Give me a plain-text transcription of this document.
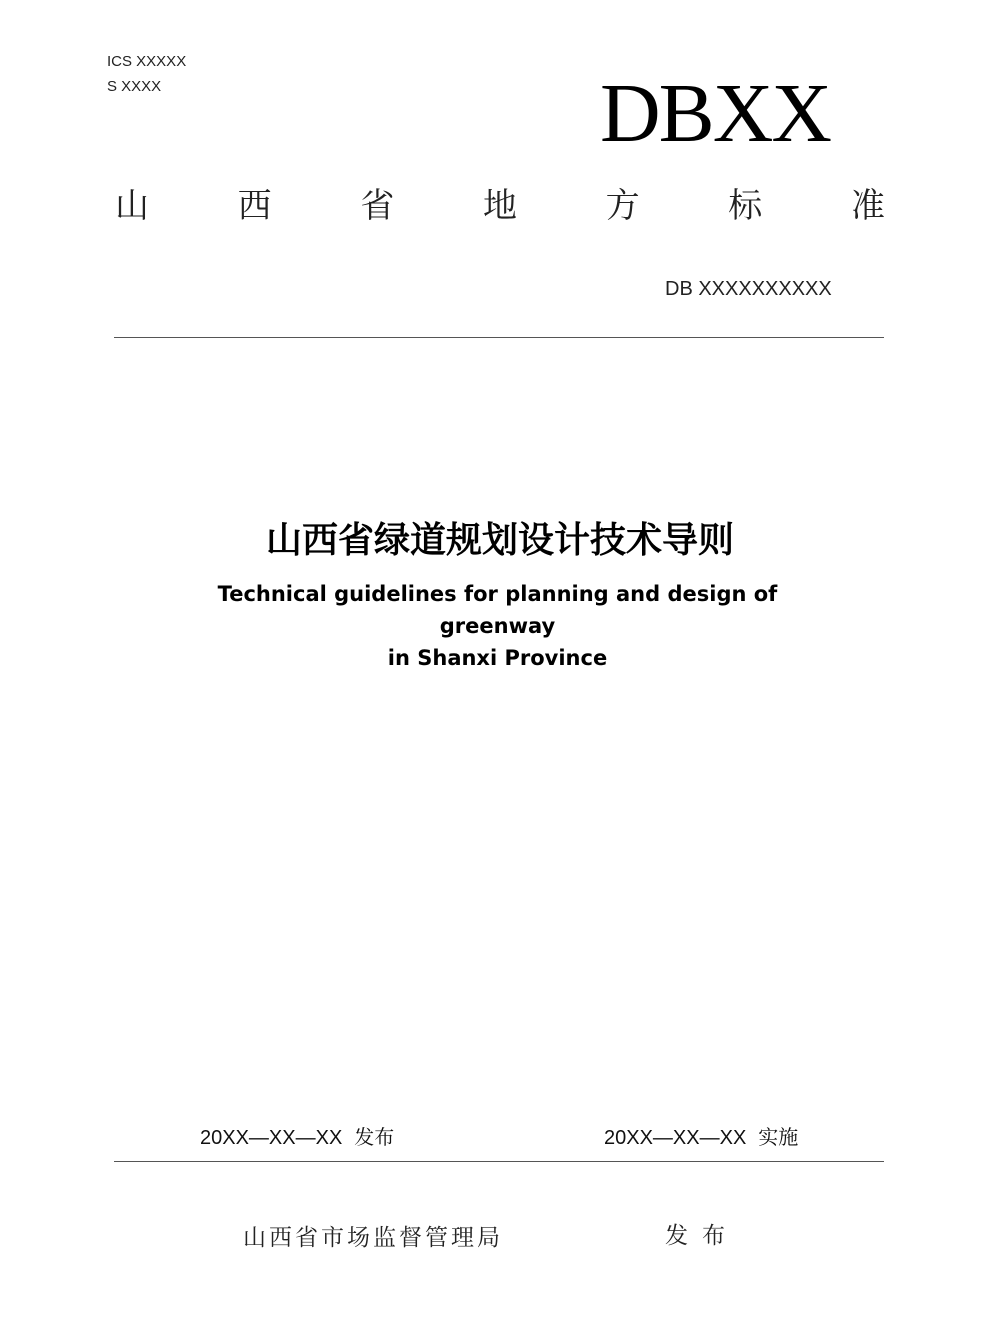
ICS XXXXX
S XXXX	DBXX
山	西	省	地	方	标	准
DB XXXXXXXXXX
山西省绿道规划设计技术导则
Technical guidelines for planning and design of greenway
in Shanxi Province
20XX—XX—XX 发布	20XX—XX—XX 实施
山西省市场监督管理局	发布
